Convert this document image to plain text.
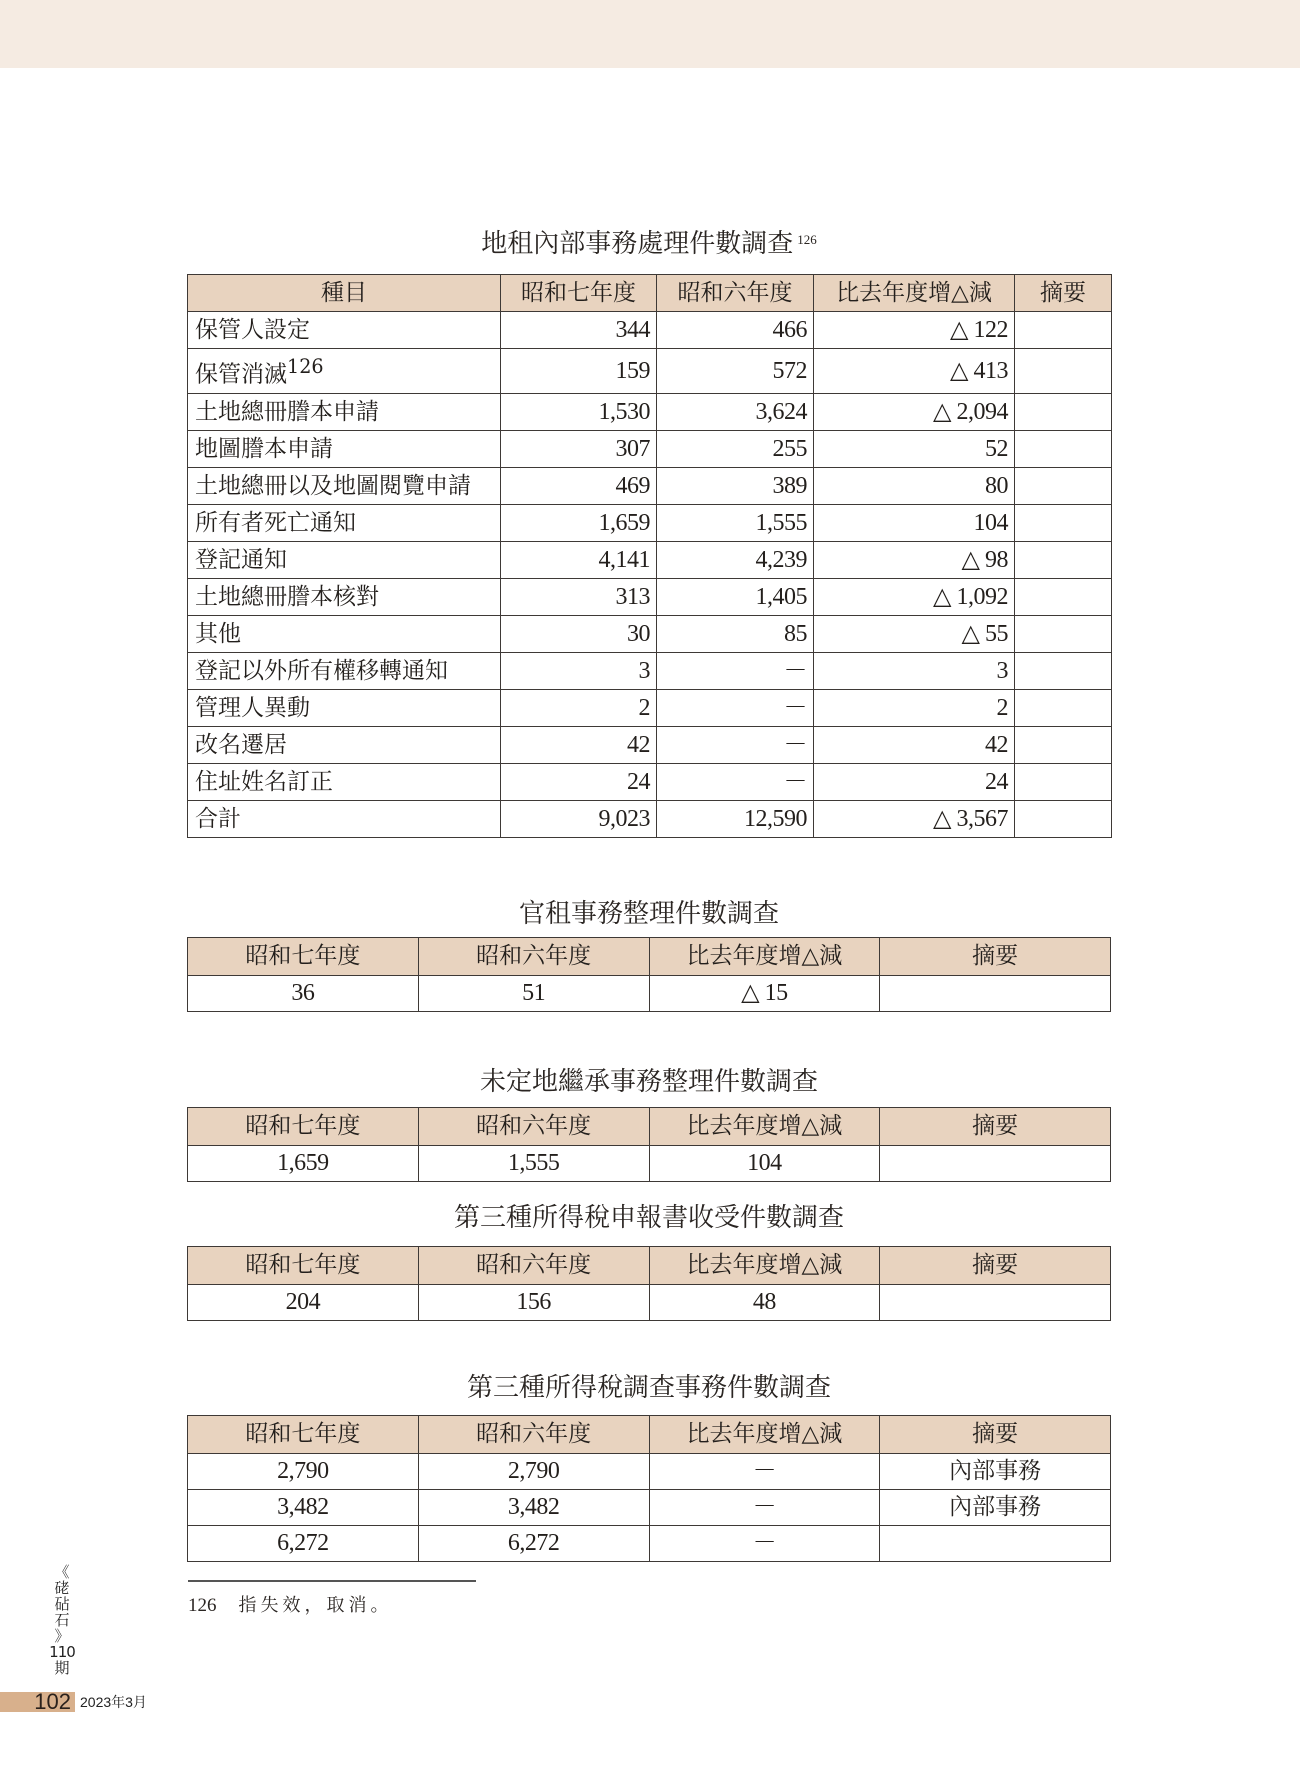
地租內部事務處理件數調查 $^{126}$
種目	昭和七年度	昭和六年度	比去年度增△減	摘要
保管人設定	344	466	△ 122	
保管消滅$^{126}$	159	572	△ 413	
土地總冊謄本申請	1,530	3,624	△ 2,094	
地圖謄本申請	307	255	52	
土地總冊以及地圖閱覽申請	469	389	80	
所有者死亡通知	1,659	1,555	104	
登記通知	4,141	4,239	△ 98	
土地總冊謄本核對	313	1,405	△ 1,092	
其他	30	85	△ 55	
登記以外所有權移轉通知	3	－	3	
管理人異動	2	－	2	
改名遷居	42	－	42	
住址姓名訂正	24	－	24	
合計	9,023	12,590	△ 3,567	
官租事務整理件數調查
昭和七年度	昭和六年度	比去年度增△減	摘要
36	51	△ 15	
未定地繼承事務整理件數調查
昭和七年度	昭和六年度	比去年度增△減	摘要
1,659	1,555	104	
第三種所得稅申報書收受件數調查
昭和七年度	昭和六年度	比去年度增△減	摘要
204	156	48	
第三種所得稅調查事務件數調查
昭和七年度	昭和六年度	比去年度增△減	摘要
2,790	2,790	－	內部事務
3,482	3,482	－	內部事務
6,272	6,272	－	
126 指失效，取消。
《
硓
砧
石
》
110
期
102 2023年3月
